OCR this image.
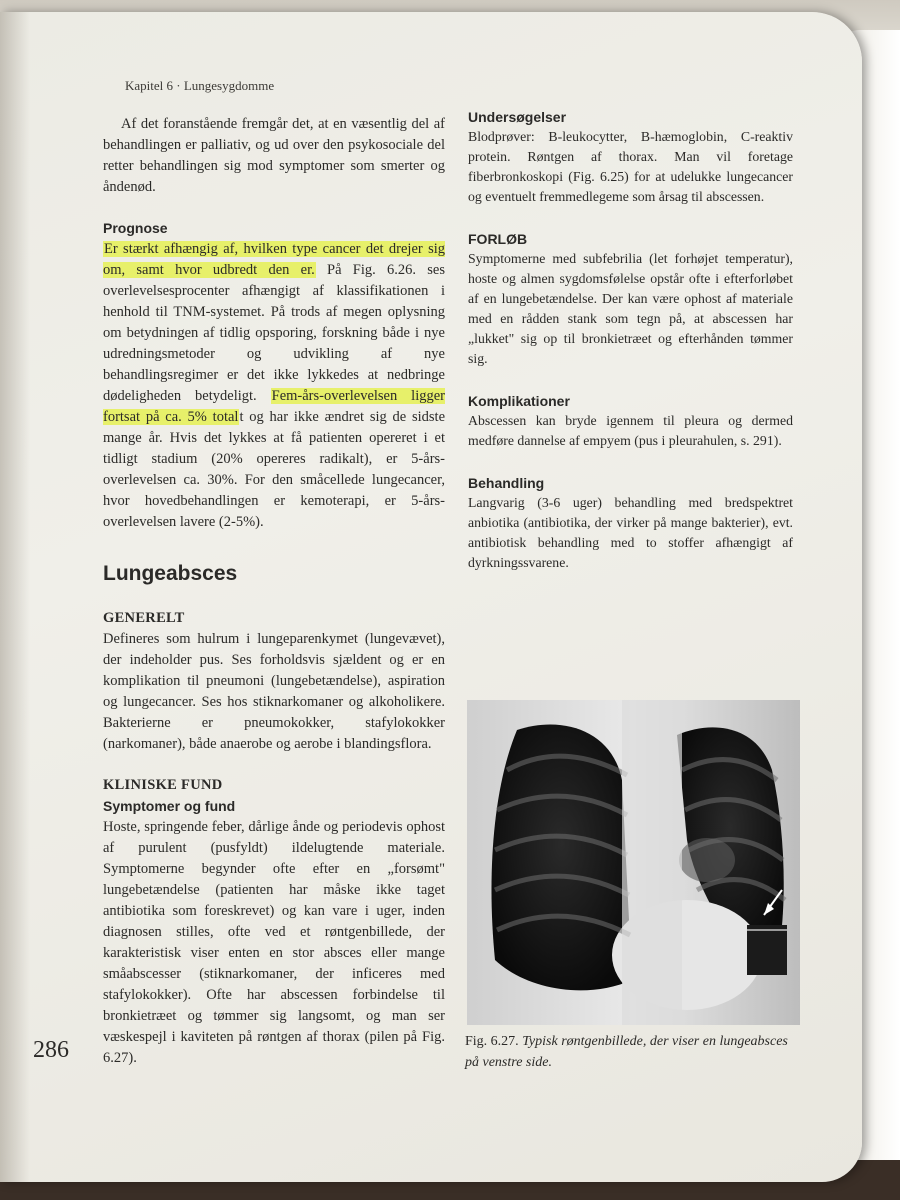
Kapitel 6 · Lungesygdomme

Af det foranstående fremgår det, at en væsentlig del af behandlingen er palliativ, og ud over den psykosociale del retter behandlingen sig mod symptomer som smerter og åndenød.

Prognose

Er stærkt afhængig af, hvilken type cancer det drejer sig om, samt hvor udbredt den er. På Fig. 6.26. ses overlevelsesprocenter afhængigt af klassifikationen i henhold til TNM-systemet. På trods af megen oplysning om betydningen af tidlig opsporing, forskning både i nye udredningsmetoder og udvikling af nye behandlingsregimer er det ikke lykkedes at nedbringe dødeligheden betydeligt. Fem-års-overlevelsen ligger fortsat på ca. 5% totalt og har ikke ændret sig de sidste mange år. Hvis det lykkes at få patienten opereret i et tidligt stadium (20% opereres radikalt), er 5-års-overlevelsen ca. 30%. For den småcellede lungecancer, hvor hovedbehandlingen er kemoterapi, er 5-års-overlevelsen lavere (2-5%).

Lungeabsces

GENERELT

Defineres som hulrum i lungeparenkymet (lungevævet), der indeholder pus. Ses forholdsvis sjældent og er en komplikation til pneumoni (lungebetændelse), aspiration og lungecancer. Ses hos stiknarkomaner og alkoholikere. Bakterierne er pneumokokker, stafylokokker (narkomaner), både anaerobe og aerobe i blandingsflora.

KLINISKE FUND

Symptomer og fund

Hoste, springende feber, dårlige ånde og periodevis ophost af purulent (pusfyldt) ildelugtende materiale. Symptomerne begynder ofte efter en „forsømt" lungebetændelse (patienten har måske ikke taget antibiotika som foreskrevet) og kan vare i uger, inden diagnosen stilles, ofte ved et røntgenbillede, der karakteristisk viser enten en stor absces eller mange småabscesser (stiknarkomaner, der inficeres med stafylokokker). Ofte har abscessen forbindelse til bronkietræet og tømmer sig langsomt, og man ser væskespejl i kaviteten på røntgen af thorax (pilen på Fig. 6.27).

Undersøgelser

Blodprøver: B-leukocytter, B-hæmoglobin, C-reaktiv protein. Røntgen af thorax. Man vil foretage fiberbronkoskopi (Fig. 6.25) for at udelukke lungecancer og eventuelt fremmedlegeme som årsag til abscessen.

FORLØB

Symptomerne med subfebrilia (let forhøjet temperatur), hoste og almen sygdomsfølelse opstår ofte i efterforløbet af en lungebetændelse. Der kan være ophost af materiale med en rådden stank som tegn på, at abscessen har „lukket" sig op til bronkietræet og efterhånden tømmer sig.

Komplikationer

Abscessen kan bryde igennem til pleura og dermed medføre dannelse af empyem (pus i pleurahulen, s. 291).

Behandling

Langvarig (3-6 uger) behandling med bredspektret anbiotika (antibiotika, der virker på mange bakterier), evt. antibiotisk behandling med to stoffer afhængigt af dyrkningssvarene.

Fig. 6.27. Typisk røntgenbillede, der viser en lungeabsces på venstre side.
286
